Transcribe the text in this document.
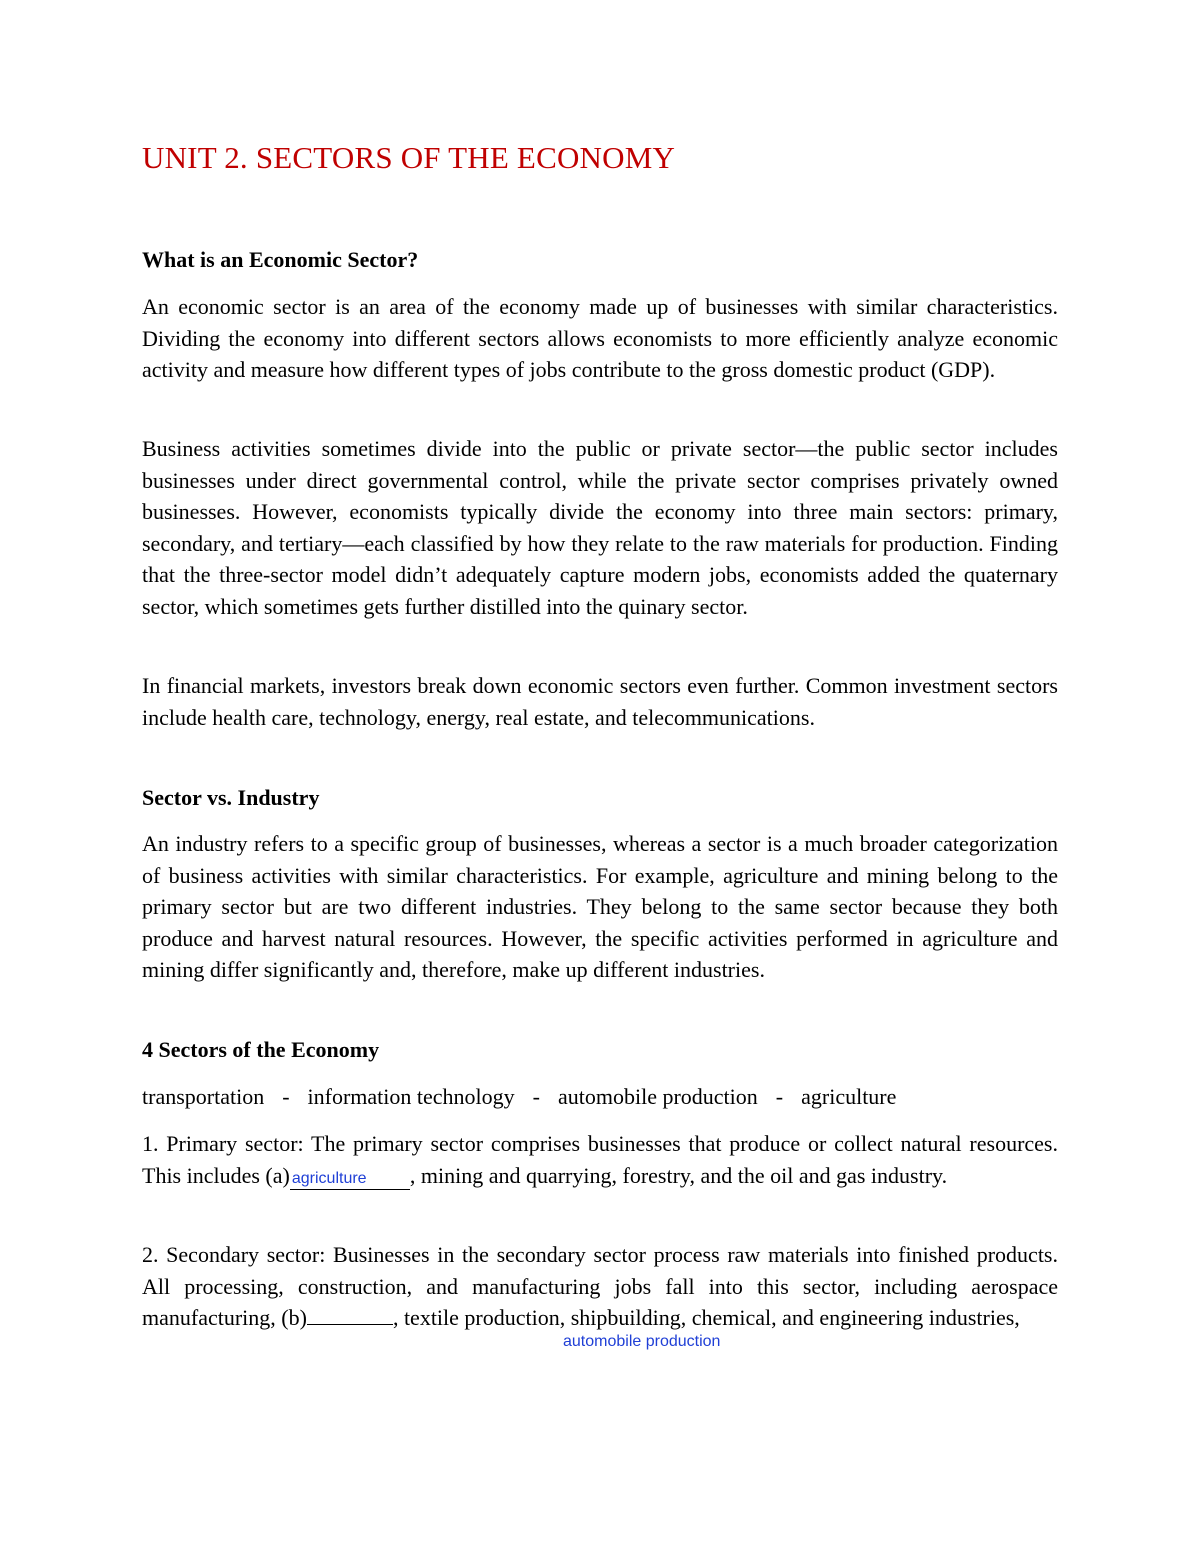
UNIT 2. SECTORS OF THE ECONOMY
What is an Economic Sector?

An economic sector is an area of the economy made up of businesses with similar characteristics. Dividing the economy into different sectors allows economists to more efficiently analyze economic activity and measure how different types of jobs contribute to the gross domestic product (GDP).

Business activities sometimes divide into the public or private sector—the public sector includes businesses under direct governmental control, while the private sector comprises privately owned businesses. However, economists typically divide the economy into three main sectors: primary, secondary, and tertiary—each classified by how they relate to the raw materials for production. Finding that the three-sector model didn’t adequately capture modern jobs, economists added the quaternary sector, which sometimes gets further distilled into the quinary sector.

In financial markets, investors break down economic sectors even further. Common investment sectors include health care, technology, energy, real estate, and telecommunications.

Sector vs. Industry

An industry refers to a specific group of businesses, whereas a sector is a much broader categorization of business activities with similar characteristics. For example, agriculture and mining belong to the primary sector but are two different industries. They belong to the same sector because they both produce and harvest natural resources. However, the specific activities performed in agriculture and mining differ significantly and, therefore, make up different industries.

4 Sectors of the Economy
transportation - information technology - automobile production - agriculture

1. Primary sector: The primary sector comprises businesses that produce or collect natural resources. This includes (a) agriculture , mining and quarrying, forestry, and the oil and gas industry.

2. Secondary sector: Businesses in the secondary sector process raw materials into finished products. All processing, construction, and manufacturing jobs fall into this sector, including aerospace manufacturing, (b)	, textile production, shipbuilding, chemical, and engineering industries,

automobile production
